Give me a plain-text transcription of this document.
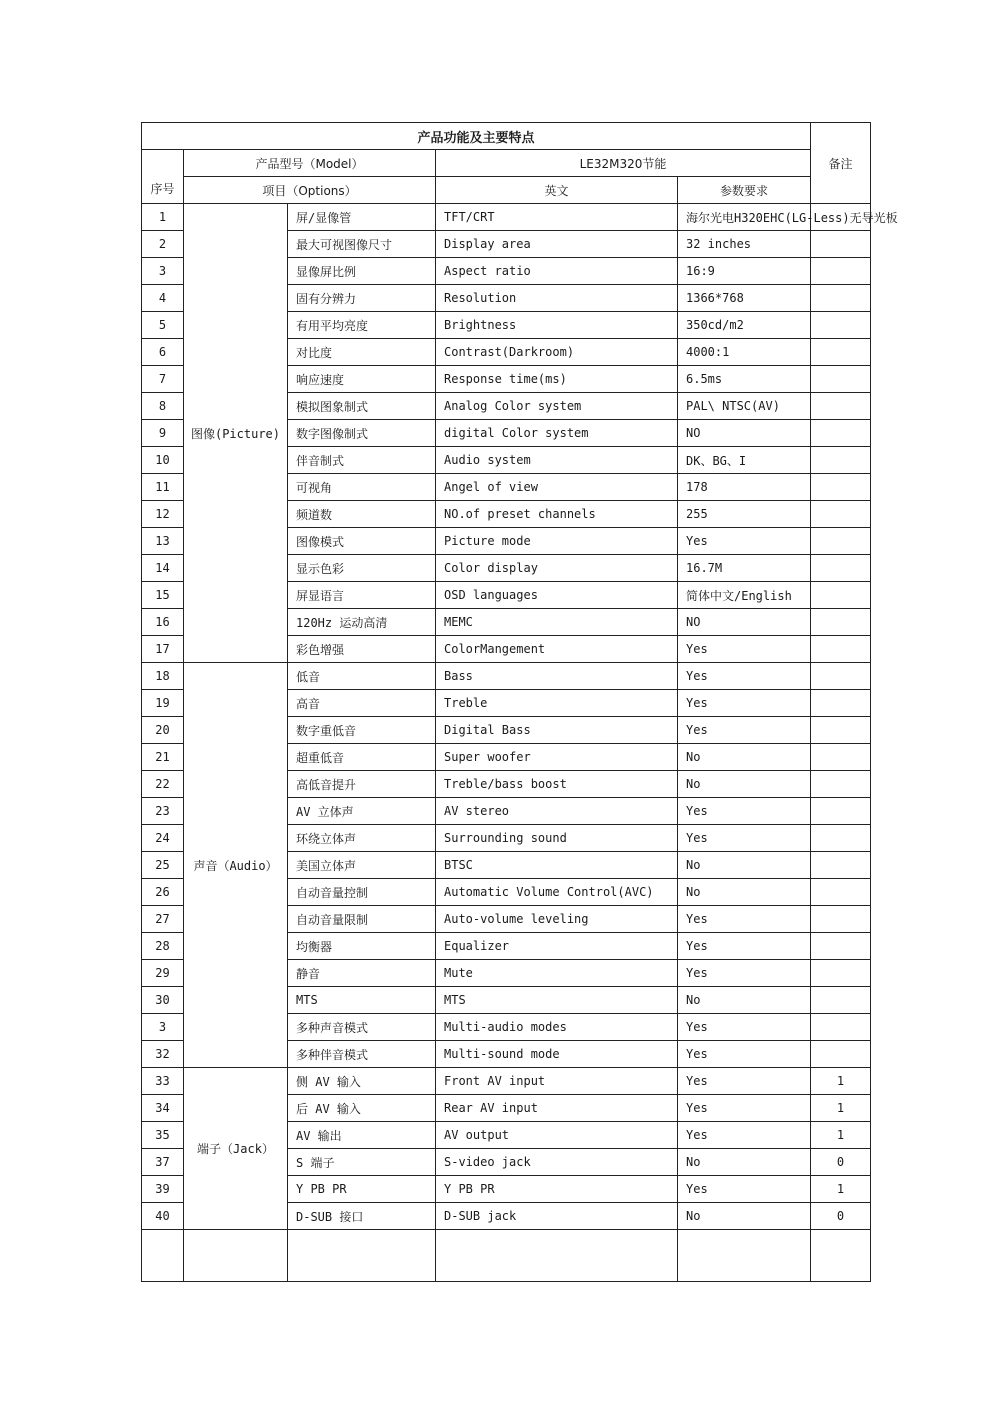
产品功能及主要特点					备注
序号	产品型号（Model）		LE32M320节能		
	项目（Options）		英文	参数要求	
1	图像(Picture)	屏/显像管	TFT/CRT	海尔光电H320EHC(LG-Less)无导光板	
2		最大可视图像尺寸	Display area	32 inches	
3		显像屏比例	Aspect ratio	16:9	
4		固有分辨力	Resolution	1366*768	
5		有用平均亮度	Brightness	350cd/m2	
6		对比度	Contrast(Darkroom)	4000:1	
7		响应速度	Response time(ms)	6.5ms	
8		模拟图象制式	Analog Color system	PAL\ NTSC(AV)	
9		数字图像制式	digital Color system	NO	
10		伴音制式	Audio system	DK、BG、I	
11		可视角	Angel of view	178	
12		频道数	NO.of preset channels	255	
13		图像模式	Picture mode	Yes	
14		显示色彩	Color display	16.7M	
15		屏显语言	OSD languages	简体中文/English	
16		120Hz 运动高清	MEMC	NO	
17		彩色增强	ColorMangement	Yes	
18	声音（Audio）	低音	Bass	Yes	
19		高音	Treble	Yes	
20		数字重低音	Digital Bass	Yes	
21		超重低音	Super woofer	No	
22		高低音提升	Treble/bass boost	No	
23		AV 立体声	AV stereo	Yes	
24		环绕立体声	Surrounding sound	Yes	
25		美国立体声	BTSC	No	
26		自动音量控制	Automatic Volume Control(AVC)	No	
27		自动音量限制	Auto-volume leveling	Yes	
28		均衡器	Equalizer	Yes	
29		静音	Mute	Yes	
30		MTS	MTS	No	
3		多种声音模式	Multi-audio modes	Yes	
32		多种伴音模式	Multi-sound mode	Yes	
33	端子（Jack）	侧 AV 输入	Front AV input	Yes	1
34		后 AV 输入	Rear AV input	Yes	1
35		AV 输出	AV output	Yes	1
37		S 端子	S-video jack	No	0
39		Y PB PR	Y PB PR	Yes	1
40		D-SUB 接口	D-SUB jack	No	0
